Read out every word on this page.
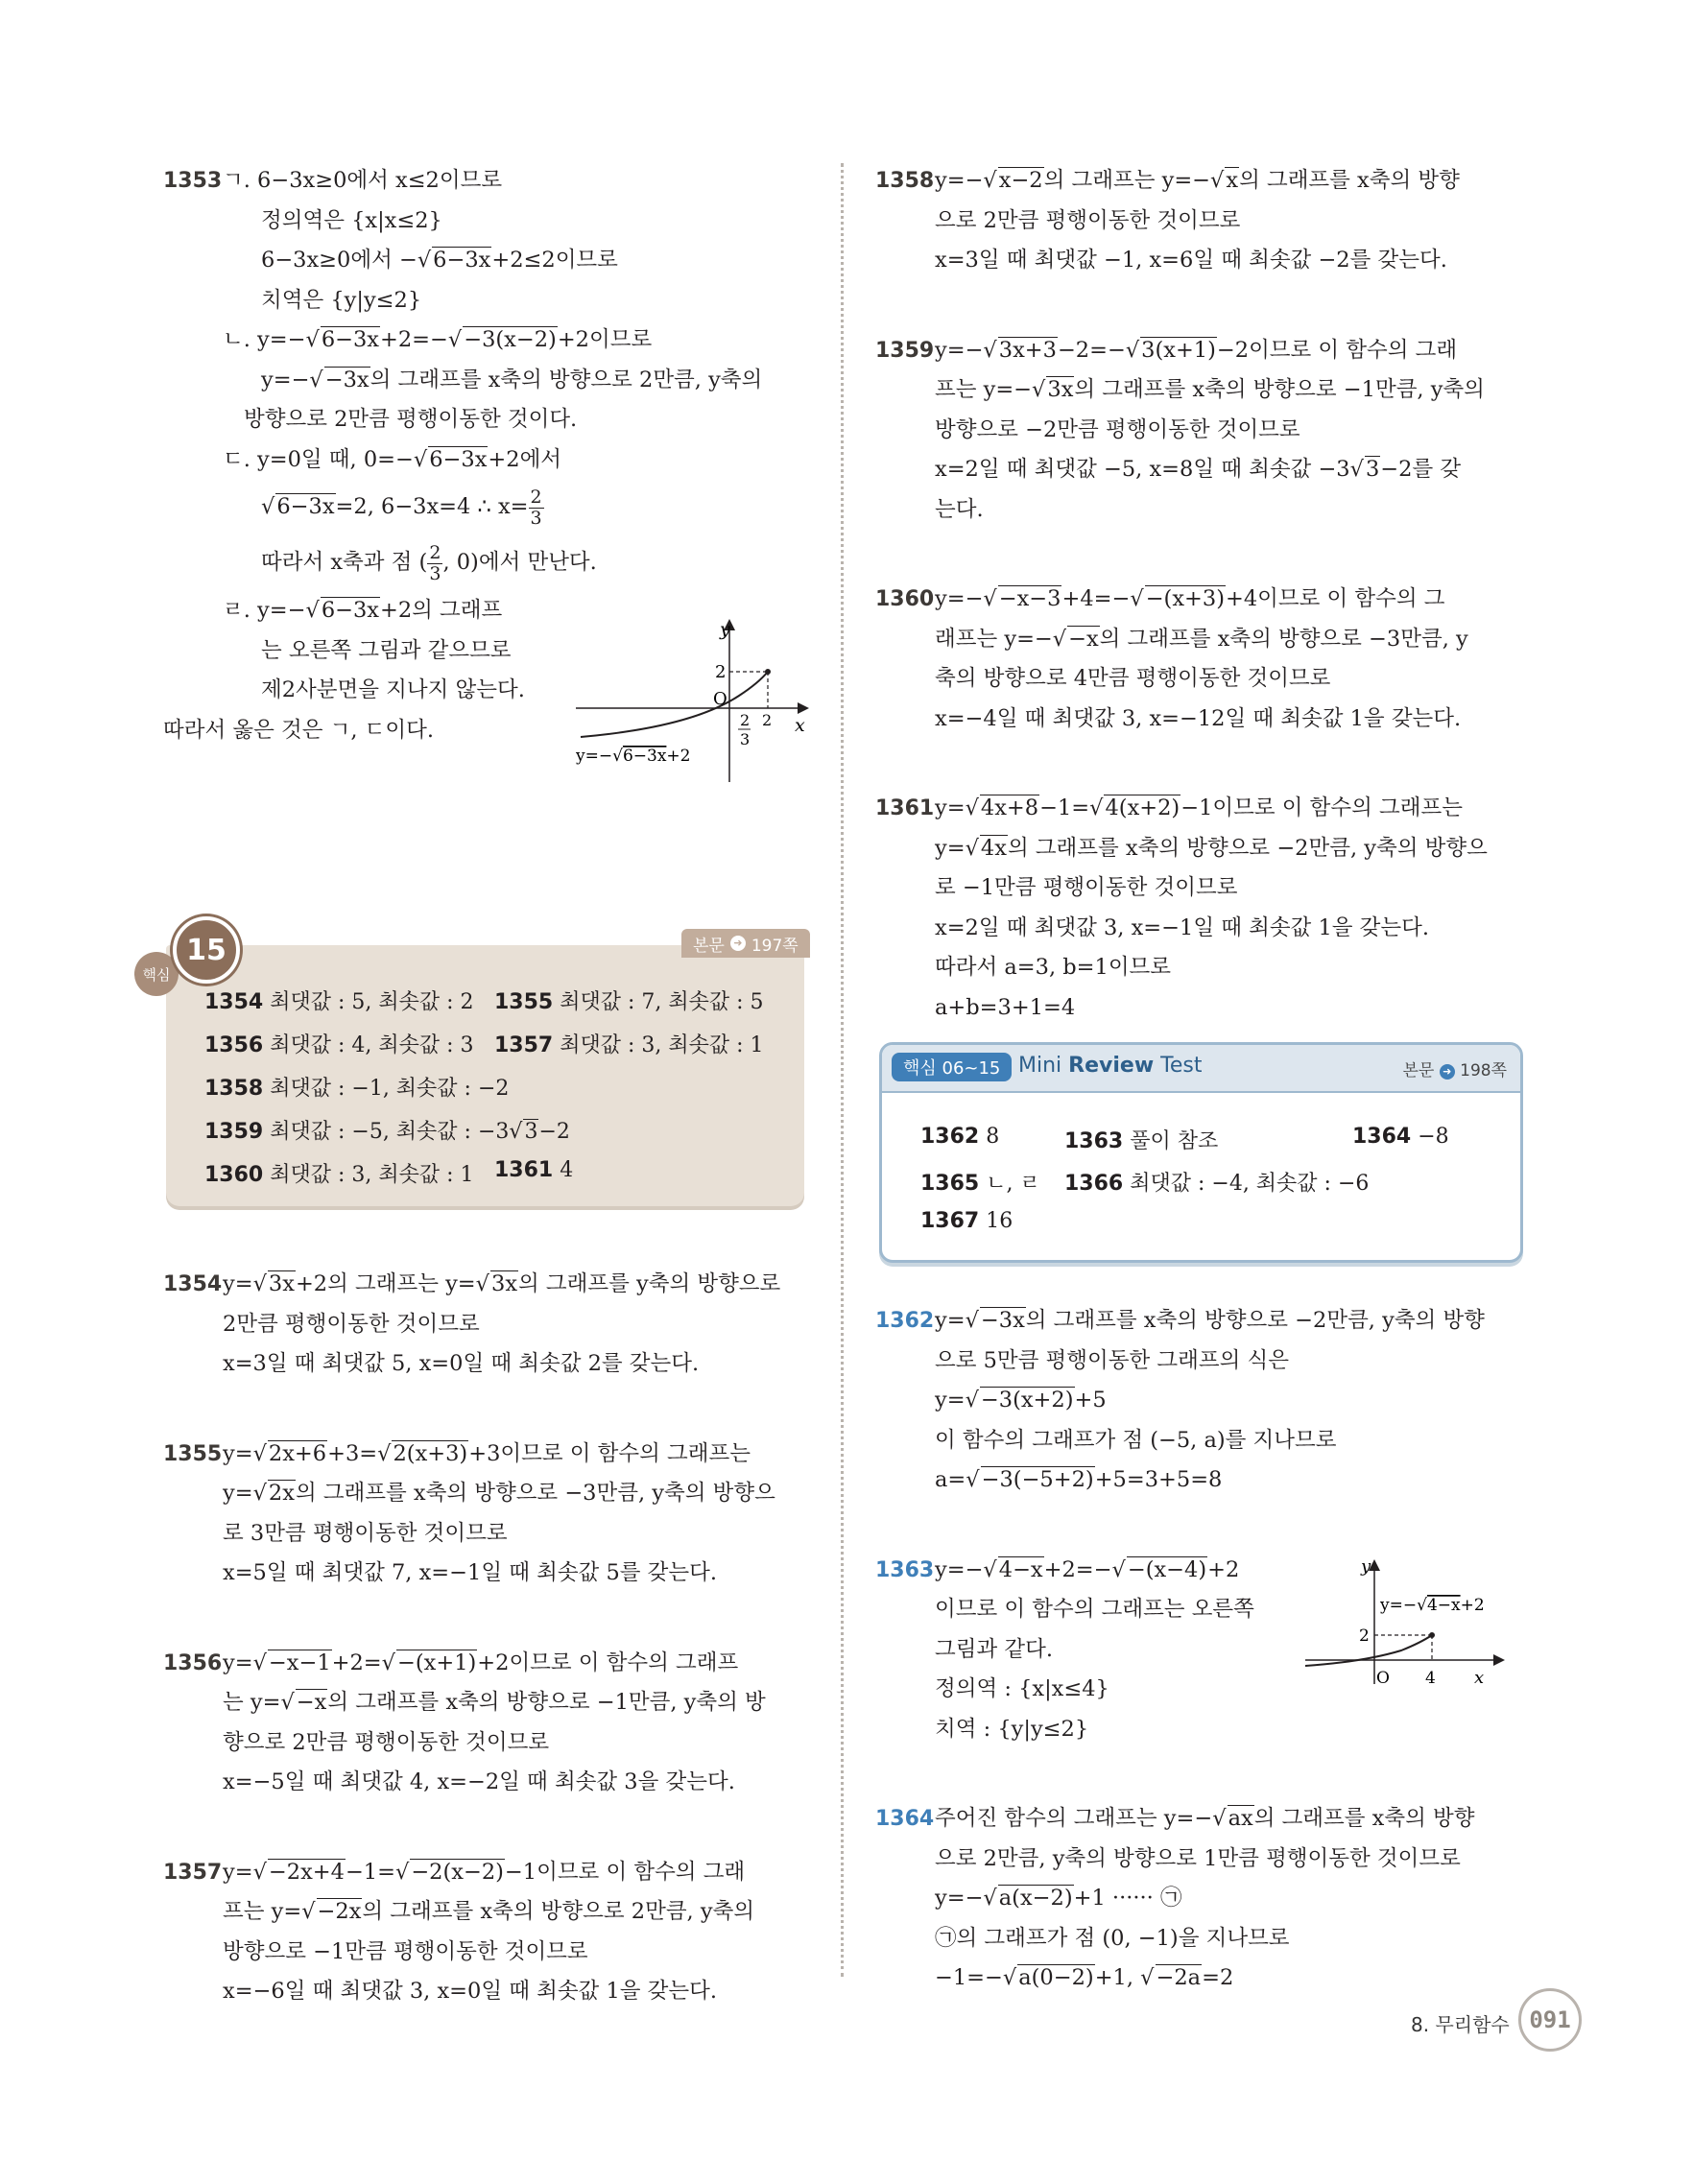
1353 ㄱ. 6−3x≥0에서 x≤2이므로
정의역은 {x|x≤2}
6−3x≥0에서 −√6−3x+2≤2이므로
치역은 {y|y≤2}
ㄴ. y=−√6−3x+2=−√−3(x−2)+2이므로
y=−√−3x의 그래프를 x축의 방향으로 2만큼, y축의
방향으로 2만큼 평행이동한 것이다.
ㄷ. y=0일 때, 0=−√6−3x+2에서
√6−3x=2, 6−3x=4 ∴ $x= \frac{2}{3}$
따라서 x축과 점 ( $\frac{2}{3}$ , 0)에서 만난다.
ㄹ. y=−√6−3x+2의 그래프
는 오른쪽 그림과 같으므로
제2사분면을 지나지 않는다.
따라서 옳은 것은 ㄱ, ㄷ이다.
y
x
O
2
2
3
2
y=−√6−3x+2
핵심
15	본문 ➜ 197쪽
1354 최댓값 : 5, 최솟값 : 2 1355 최댓값 : 7, 최솟값 : 5
1356 최댓값 : 4, 최솟값 : 3 1357 최댓값 : 3, 최솟값 : 1
1358 최댓값 : −1, 최솟값 : −2
1359 최댓값 : −5, 최솟값 : −3√3−2
1360 최댓값 : 3, 최솟값 : 1 1361 4
1354 y=√3x+2의 그래프는 y=√3x의 그래프를 y축의 방향으로
2만큼 평행이동한 것이므로
x=3일 때 최댓값 5, x=0일 때 최솟값 2를 갖는다.
1355 y=√2x+6+3=√2(x+3)+3이므로 이 함수의 그래프는
y=√2x의 그래프를 x축의 방향으로 −3만큼, y축의 방향으
로 3만큼 평행이동한 것이므로
x=5일 때 최댓값 7, x=−1일 때 최솟값 5를 갖는다.
1356 y=√−x−1+2=√−(x+1)+2이므로 이 함수의 그래프
는 y=√−x의 그래프를 x축의 방향으로 −1만큼, y축의 방
향으로 2만큼 평행이동한 것이므로
x=−5일 때 최댓값 4, x=−2일 때 최솟값 3을 갖는다.
1357 y=√−2x+4−1=√−2(x−2)−1이므로 이 함수의 그래
프는 y=√−2x의 그래프를 x축의 방향으로 2만큼, y축의
방향으로 −1만큼 평행이동한 것이므로
x=−6일 때 최댓값 3, x=0일 때 최솟값 1을 갖는다.
1358 y=−√x−2의 그래프는 y=−√x의 그래프를 x축의 방향
으로 2만큼 평행이동한 것이므로
x=3일 때 최댓값 −1, x=6일 때 최솟값 −2를 갖는다.
1359 y=−√3x+3−2=−√3(x+1)−2이므로 이 함수의 그래
프는 y=−√3x의 그래프를 x축의 방향으로 −1만큼, y축의
방향으로 −2만큼 평행이동한 것이므로
x=2일 때 최댓값 −5, x=8일 때 최솟값 −3√3−2를 갖
는다.
1360 y=−√−x−3+4=−√−(x+3)+4이므로 이 함수의 그
래프는 y=−√−x의 그래프를 x축의 방향으로 −3만큼, y
축의 방향으로 4만큼 평행이동한 것이므로
x=−4일 때 최댓값 3, x=−12일 때 최솟값 1을 갖는다.
1361 y=√4x+8−1=√4(x+2)−1이므로 이 함수의 그래프는
y=√4x의 그래프를 x축의 방향으로 −2만큼, y축의 방향으
로 −1만큼 평행이동한 것이므로
x=2일 때 최댓값 3, x=−1일 때 최솟값 1을 갖는다.
따라서 a=3, b=1이므로
a+b=3+1=4
핵심 06~15 Mini Review Test	본문 ➜ 198쪽
1362 8	1363 풀이 참조	1364 −8
1365 ㄴ, ㄹ 1366 최댓값 : −4, 최솟값 : −6
1367 16
1362 y=√−3x의 그래프를 x축의 방향으로 −2만큼, y축의 방향
으로 5만큼 평행이동한 그래프의 식은
y=√−3(x+2)+5
이 함수의 그래프가 점 (−5, a)를 지나므로
a=√−3(−5+2)+5=3+5=8
1363 y=−√4−x+2=−√−(x−4)+2
이므로 이 함수의 그래프는 오른쪽
그림과 같다.
정의역 : {x|x≤4}
치역 : {y|y≤2}
1364 주어진 함수의 그래프는 y=−√ax의 그래프를 x축의 방향
으로 2만큼, y축의 방향으로 1만큼 평행이동한 것이므로
y=−√a(x−2)+1 ······ ㉠
㉠의 그래프가 점 (0, −1)을 지나므로
−1=−√a(0−2)+1, √−2a=2
y
x
O
2
4
y=−√4−x+2
8. 무리함수 091
